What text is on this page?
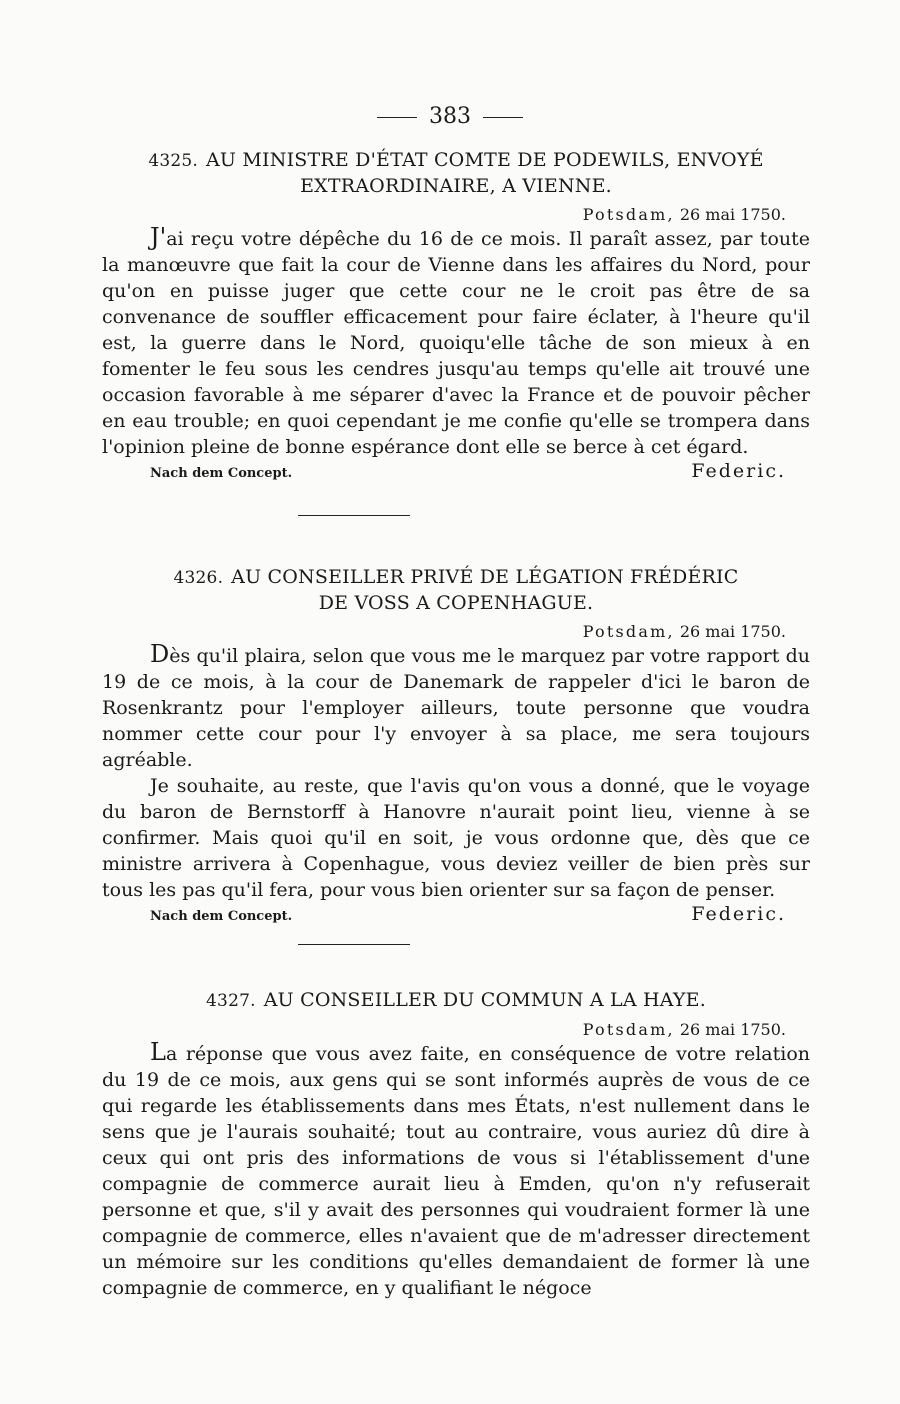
383

4325. AU MINISTRE D'ÉTAT COMTE DE PODEWILS, ENVOYÉ
EXTRAORDINAIRE, A VIENNE.

Potsdam, 26 mai 1750.

J'ai reçu votre dépêche du 16 de ce mois. Il paraît assez, par toute la manœuvre que fait la cour de Vienne dans les affaires du Nord, pour qu'on en puisse juger que cette cour ne le croit pas être de sa convenance de souffler efficacement pour faire éclater, à l'heure qu'il est, la guerre dans le Nord, quoiqu'elle tâche de son mieux à en fomenter le feu sous les cendres jusqu'au temps qu'elle ait trouvé une occasion favorable à me séparer d'avec la France et de pouvoir pêcher en eau trouble; en quoi cependant je me confie qu'elle se trompera dans l'opinion pleine de bonne espérance dont elle se berce à cet égard.

Nach dem Concept.	Federic.

4326. AU CONSEILLER PRIVÉ DE LÉGATION FRÉDÉRIC
DE VOSS A COPENHAGUE.

Potsdam, 26 mai 1750.

Dès qu'il plaira, selon que vous me le marquez par votre rapport du 19 de ce mois, à la cour de Danemark de rappeler d'ici le baron de Rosenkrantz pour l'employer ailleurs, toute personne que voudra nommer cette cour pour l'y envoyer à sa place, me sera toujours agréable.

Je souhaite, au reste, que l'avis qu'on vous a donné, que le voyage du baron de Bernstorff à Hanovre n'aurait point lieu, vienne à se confirmer. Mais quoi qu'il en soit, je vous ordonne que, dès que ce ministre arrivera à Copenhague, vous deviez veiller de bien près sur tous les pas qu'il fera, pour vous bien orienter sur sa façon de penser.

Nach dem Concept.	Federic.

4327. AU CONSEILLER DU COMMUN A LA HAYE.

Potsdam, 26 mai 1750.

La réponse que vous avez faite, en conséquence de votre relation du 19 de ce mois, aux gens qui se sont informés auprès de vous de ce qui regarde les établissements dans mes États, n'est nullement dans le sens que je l'aurais souhaité; tout au contraire, vous auriez dû dire à ceux qui ont pris des informations de vous si l'établissement d'une compagnie de commerce aurait lieu à Emden, qu'on n'y refuserait personne et que, s'il y avait des personnes qui voudraient former là une compagnie de commerce, elles n'avaient que de m'adresser directement un mémoire sur les conditions qu'elles demandaient de former là une compagnie de commerce, en y qualifiant le négoce
